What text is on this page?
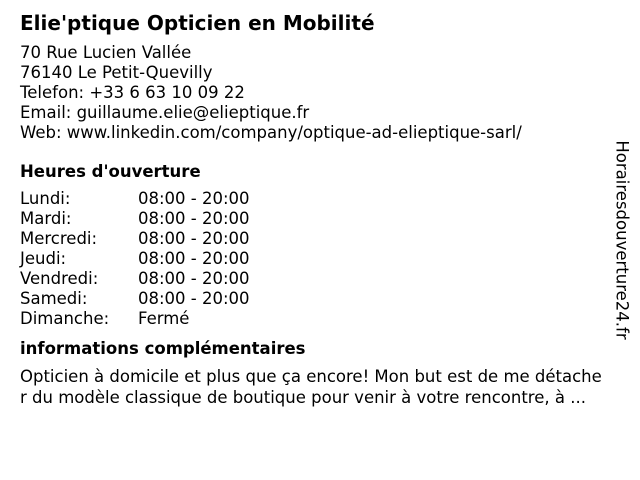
Elie'ptique Opticien en Mobilité
70 Rue Lucien Vallée
76140 Le Petit-Quevilly
Telefon: +33 6 63 10 09 22
Email: guillaume.elie@elieptique.fr
Web: www.linkedin.com/company/optique-ad-elieptique-sarl/
Heures d'ouverture
Lundi:	08:00 - 20:00
Mardi:	08:00 - 20:00
Mercredi: 08:00 - 20:00
Jeudi:	08:00 - 20:00
Vendredi: 08:00 - 20:00
Samedi:	08:00 - 20:00
Dimanche: Fermé
informations complémentaires
Opticien à domicile et plus que ça encore! Mon but est de me détache
r du modèle classique de boutique pour venir à votre rencontre, à ...
Horairesdouverture24.fr
